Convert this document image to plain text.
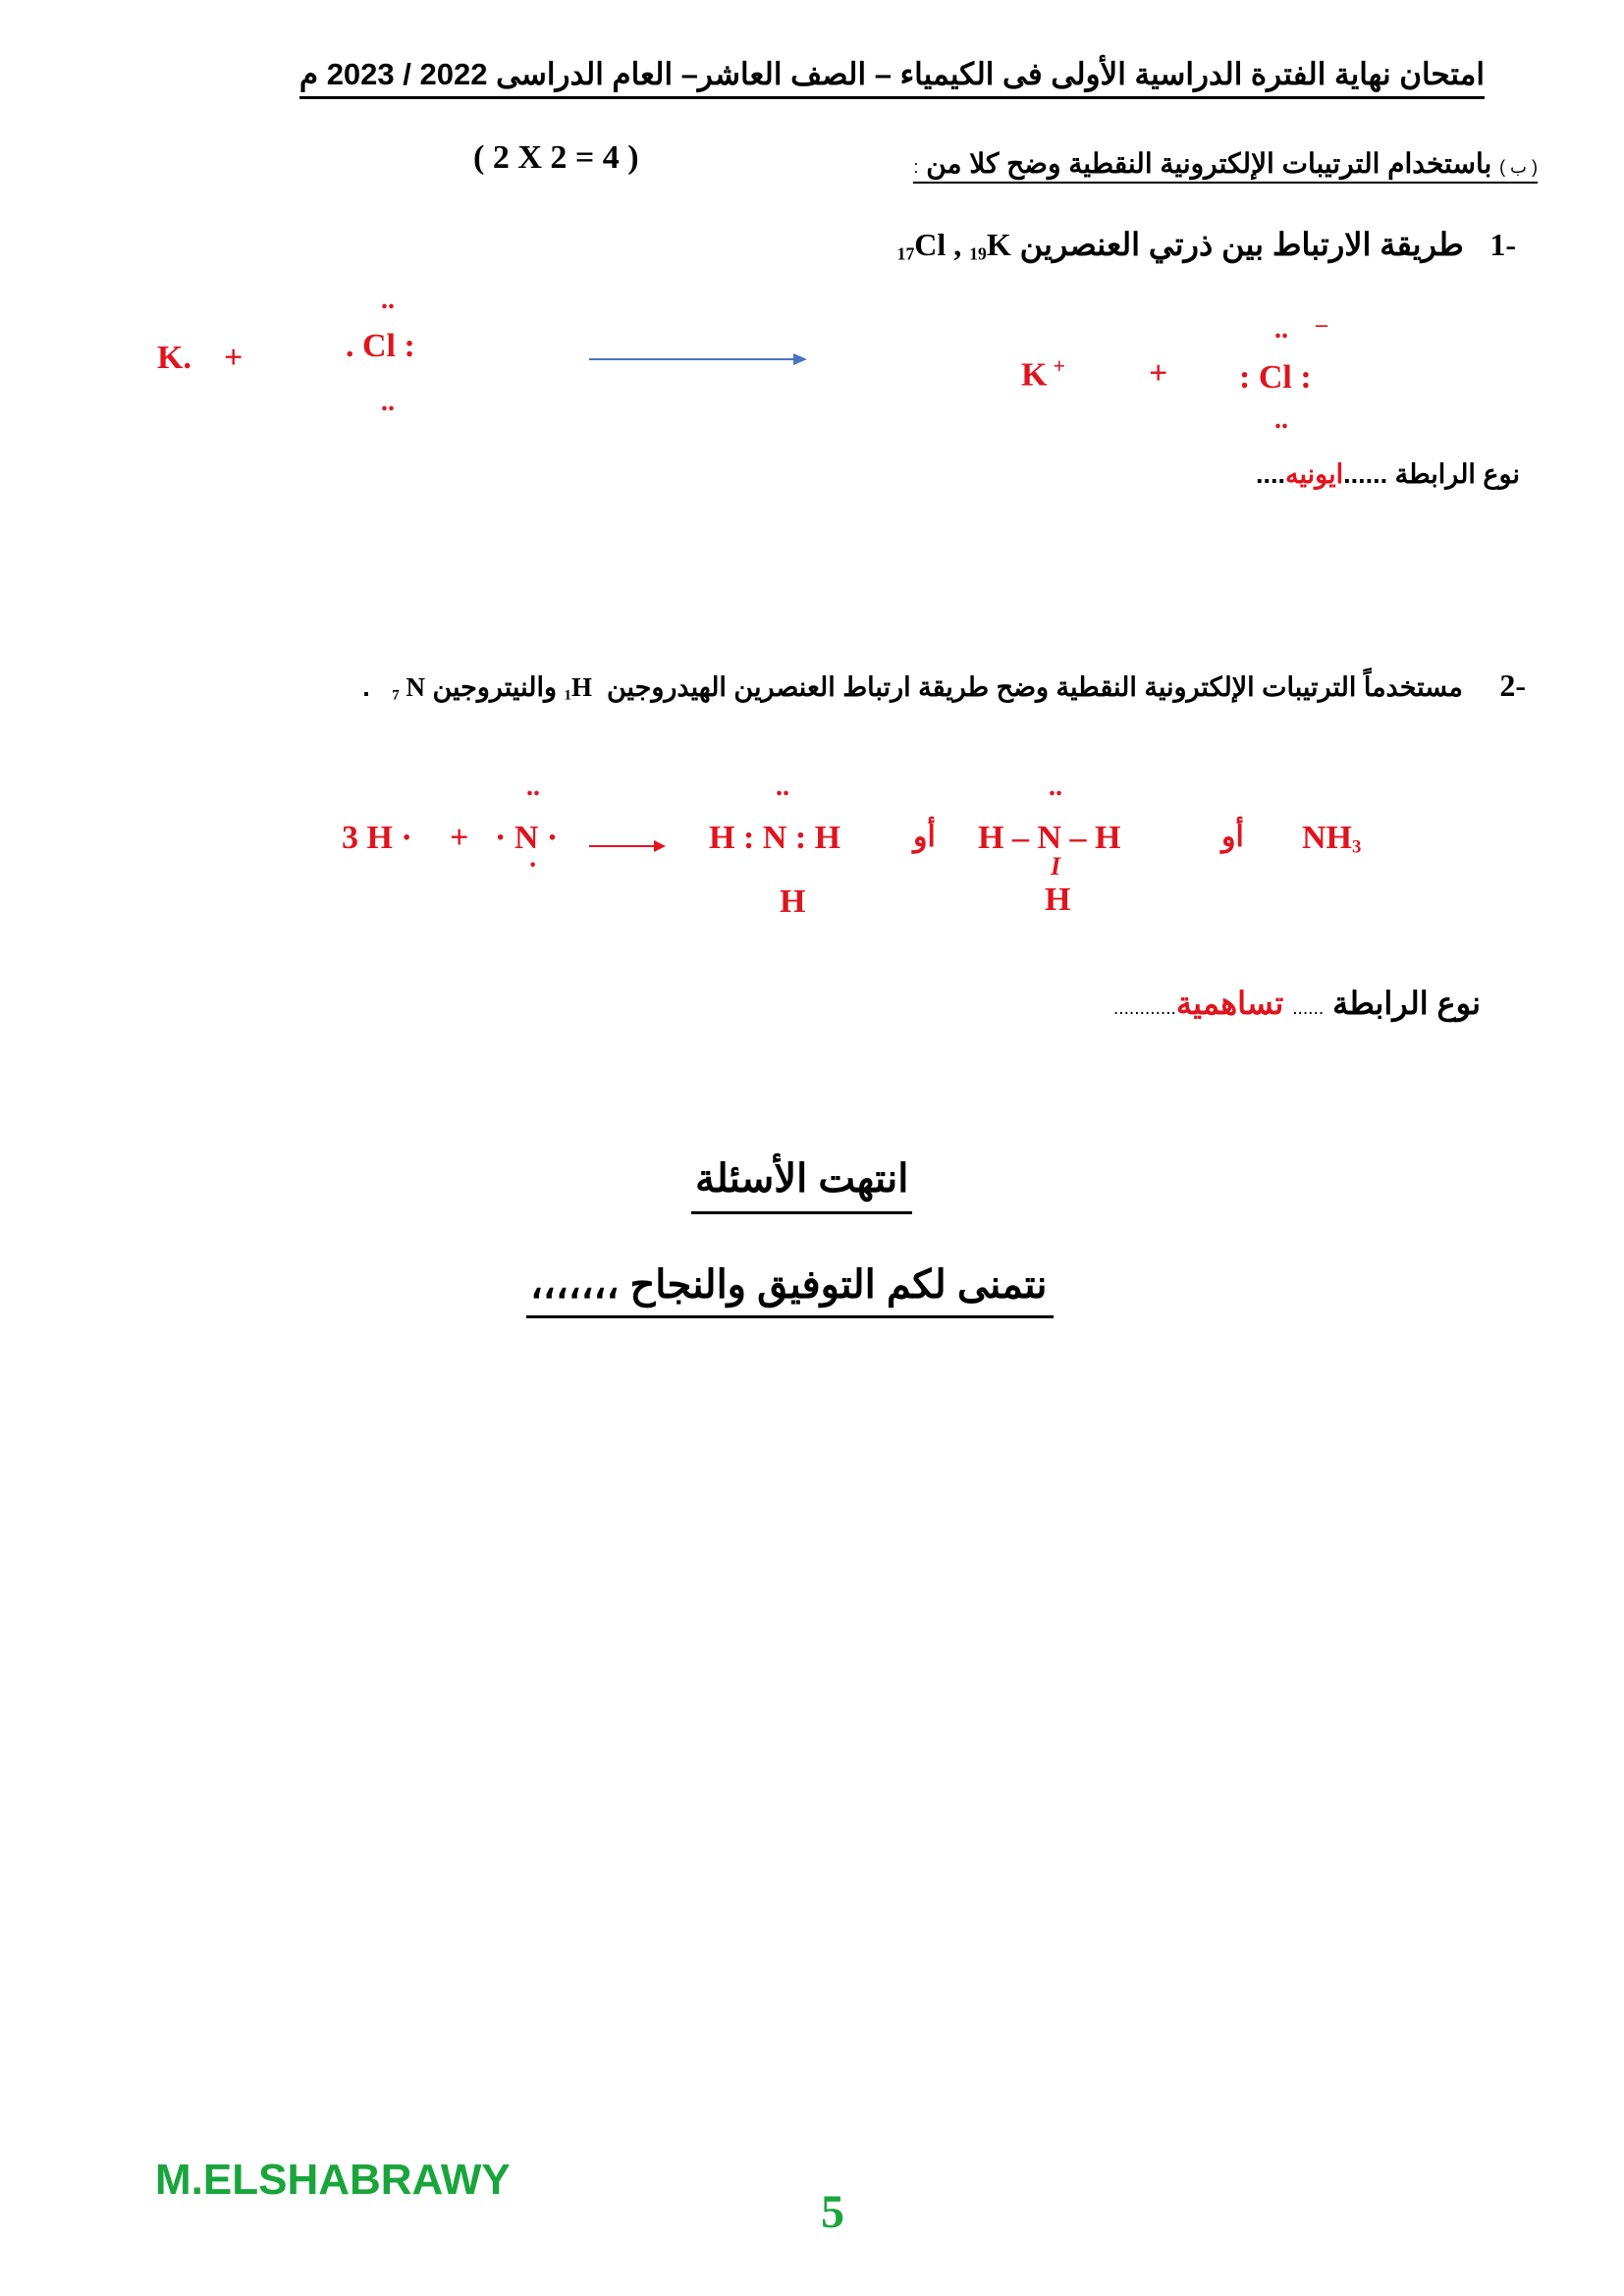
امتحان نهاية الفترة الدراسية الأولى فى الكيمياء – الصف العاشر– العام الدراسى 2022 / 2023 م
( ب ) باستخدام الترتيبات الإلكترونية النقطية وضح كلا من :
( 2 X 2 = 4 )
-1   طريقة الارتباط بين ذرتي العنصرين $_{17}$Cl , $_{19}$K
K. +
..
. Cl :
..
K +	+
.. –
: Cl :
..
نوع الرابطة ......ايونيه....
-2     مستخدماً الترتيبات الإلكترونية النقطية وضح طريقة ارتباط العنصرين الهيدروجين  $_1$H والنيتروجين $_7$ N   .
3 H · +
..
· N ·
·
..
H : N : H
H
أو
..
H – N – H
I
H
أو $NH_3$
نوع الرابطة ...... تساهمية............
انتهت الأسئلة
نتمنى لكم التوفيق والنجاح ،،،،،،،
M.ELSHABRAWY
5
